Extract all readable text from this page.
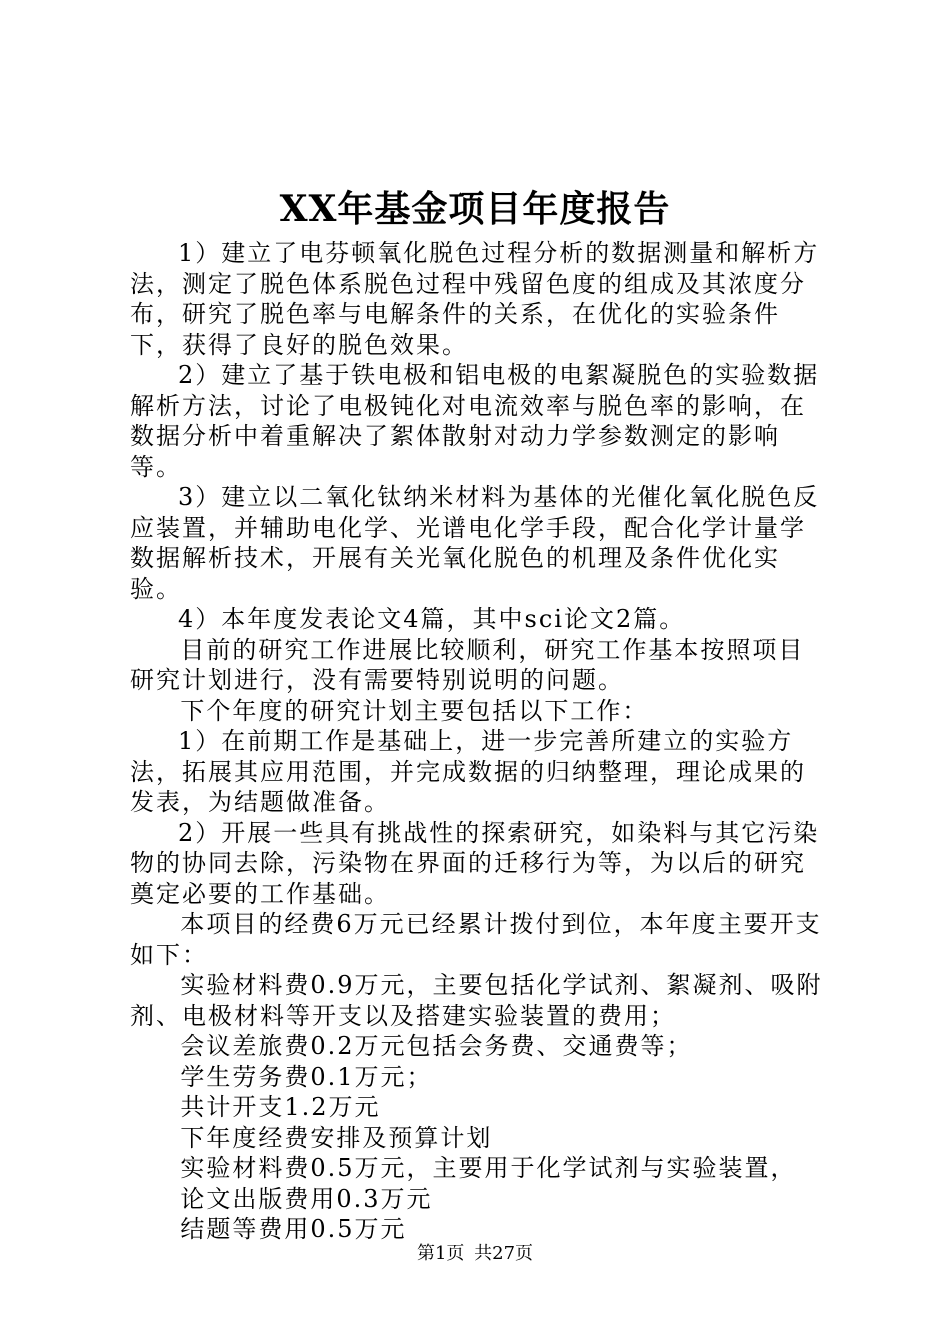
XX年基金项目年度报告

1）建立了电芬顿氧化脱色过程分析的数据测量和解析方法，测定了脱色体系脱色过程中残留色度的组成及其浓度分布，研究了脱色率与电解条件的关系，在优化的实验条件下，获得了良好的脱色效果。

2）建立了基于铁电极和铝电极的电絮凝脱色的实验数据解析方法，讨论了电极钝化对电流效率与脱色率的影响，在数据分析中着重解决了絮体散射对动力学参数测定的影响等。

3）建立以二氧化钛纳米材料为基体的光催化氧化脱色反应装置，并辅助电化学、光谱电化学手段，配合化学计量学数据解析技术，开展有关光氧化脱色的机理及条件优化实验。

4）本年度发表论文4篇，其中sci论文2篇。

目前的研究工作进展比较顺利，研究工作基本按照项目研究计划进行，没有需要特别说明的问题。

下个年度的研究计划主要包括以下工作：

1）在前期工作是基础上，进一步完善所建立的实验方法，拓展其应用范围，并完成数据的归纳整理，理论成果的发表，为结题做准备。

2）开展一些具有挑战性的探索研究，如染料与其它污染物的协同去除，污染物在界面的迁移行为等，为以后的研究奠定必要的工作基础。

本项目的经费6万元已经累计拨付到位，本年度主要开支如下：

实验材料费0.9万元，主要包括化学试剂、絮凝剂、吸附剂、电极材料等开支以及搭建实验装置的费用；

会议差旅费0.2万元包括会务费、交通费等；

学生劳务费0.1万元；

共计开支1.2万元

下年度经费安排及预算计划

实验材料费0.5万元，主要用于化学试剂与实验装置，

论文出版费用0.3万元

结题等费用0.5万元

第1页 共27页
